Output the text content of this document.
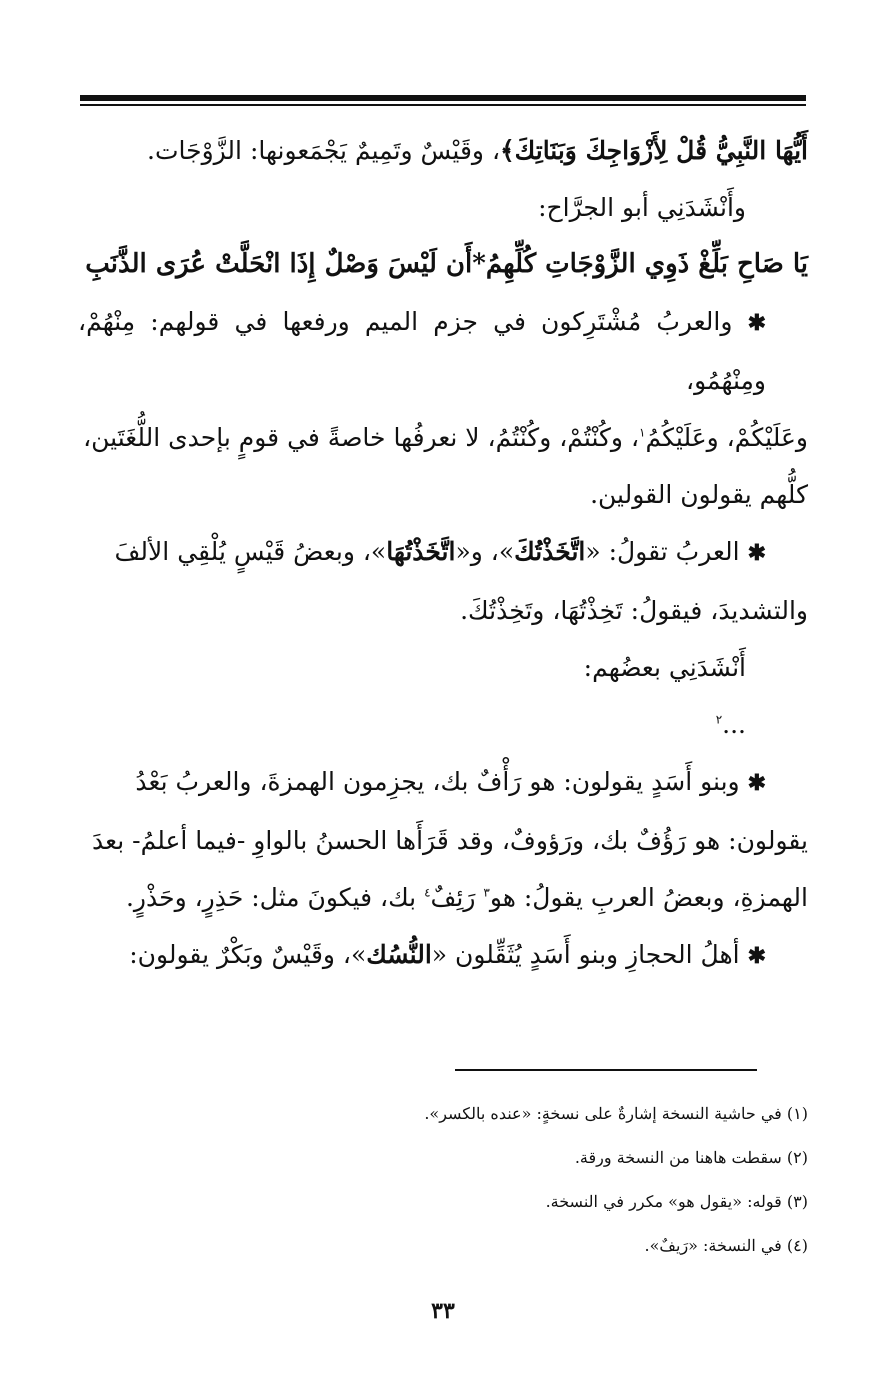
أَيُّهَا النَّبِيُّ قُلْ لِأَزْوَاجِكَ وَبَنَاتِكَ﴾، وقَيْسٌ وتَمِيمٌ يَجْمَعونها: الزَّوْجَات.

وأَنْشَدَنِي أبو الجرَّاح:

يَا صَاحِ بَلِّغْ ذَوِي الزَّوْجَاتِ كُلِّهِمُ*أَن لَيْسَ وَصْلٌ إِذَا انْحَلَّتْ عُرَى الذَّنَبِ

✱ والعربُ مُشْتَرِكون في جزم الميم ورفعها في قولهم: مِنْهُمْ، ومِنْهُمُو،

وعَلَيْكُمْ، وعَلَيْكُمُ$^١$، وكُنْتُمْ، وكُنْتُمُ، لا نعرفُها خاصةً في قومٍ بإحدى اللُّغَتَين،

كلُّهم يقولون القولين.

✱ العربُ تقولُ: «اتَّخَذْتُكَ»، و«اتَّخَذْتُهَا»، وبعضُ قَيْسٍ يُلْقِي الألفَ

والتشديدَ، فيقولُ: تَخِذْتُهَا، وتَخِذْتُكَ.

أَنْشَدَنِي بعضُهم:

...$^٢$

✱ وبنو أَسَدٍ يقولون: هو رَأْفٌ بك، يجزِمون الهمزةَ، والعربُ بَعْدُ

يقولون: هو رَؤُفٌ بك، ورَؤوفٌ، وقد قَرَأَها الحسنُ بالواوِ -فيما أعلمُ- بعدَ

الهمزةِ، وبعضُ العربِ يقولُ: هو$^٣$ رَئِفٌ$^٤$ بك، فيكونَ مثل: حَذِرٍ، وحَذْرٍ.

✱ أهلُ الحجازِ وبنو أَسَدٍ يُثَقِّلون «النُّسُك»، وقَيْسٌ وبَكْرٌ يقولون:

(١) في حاشية النسخة إشارةٌ على نسخةٍ: «عنده بالكسر».

(٢) سقطت هاهنا من النسخة ورقة.

(٣) قوله: «يقول هو» مكرر في النسخة.

(٤) في النسخة: «رَيفٌ».

٣٣
